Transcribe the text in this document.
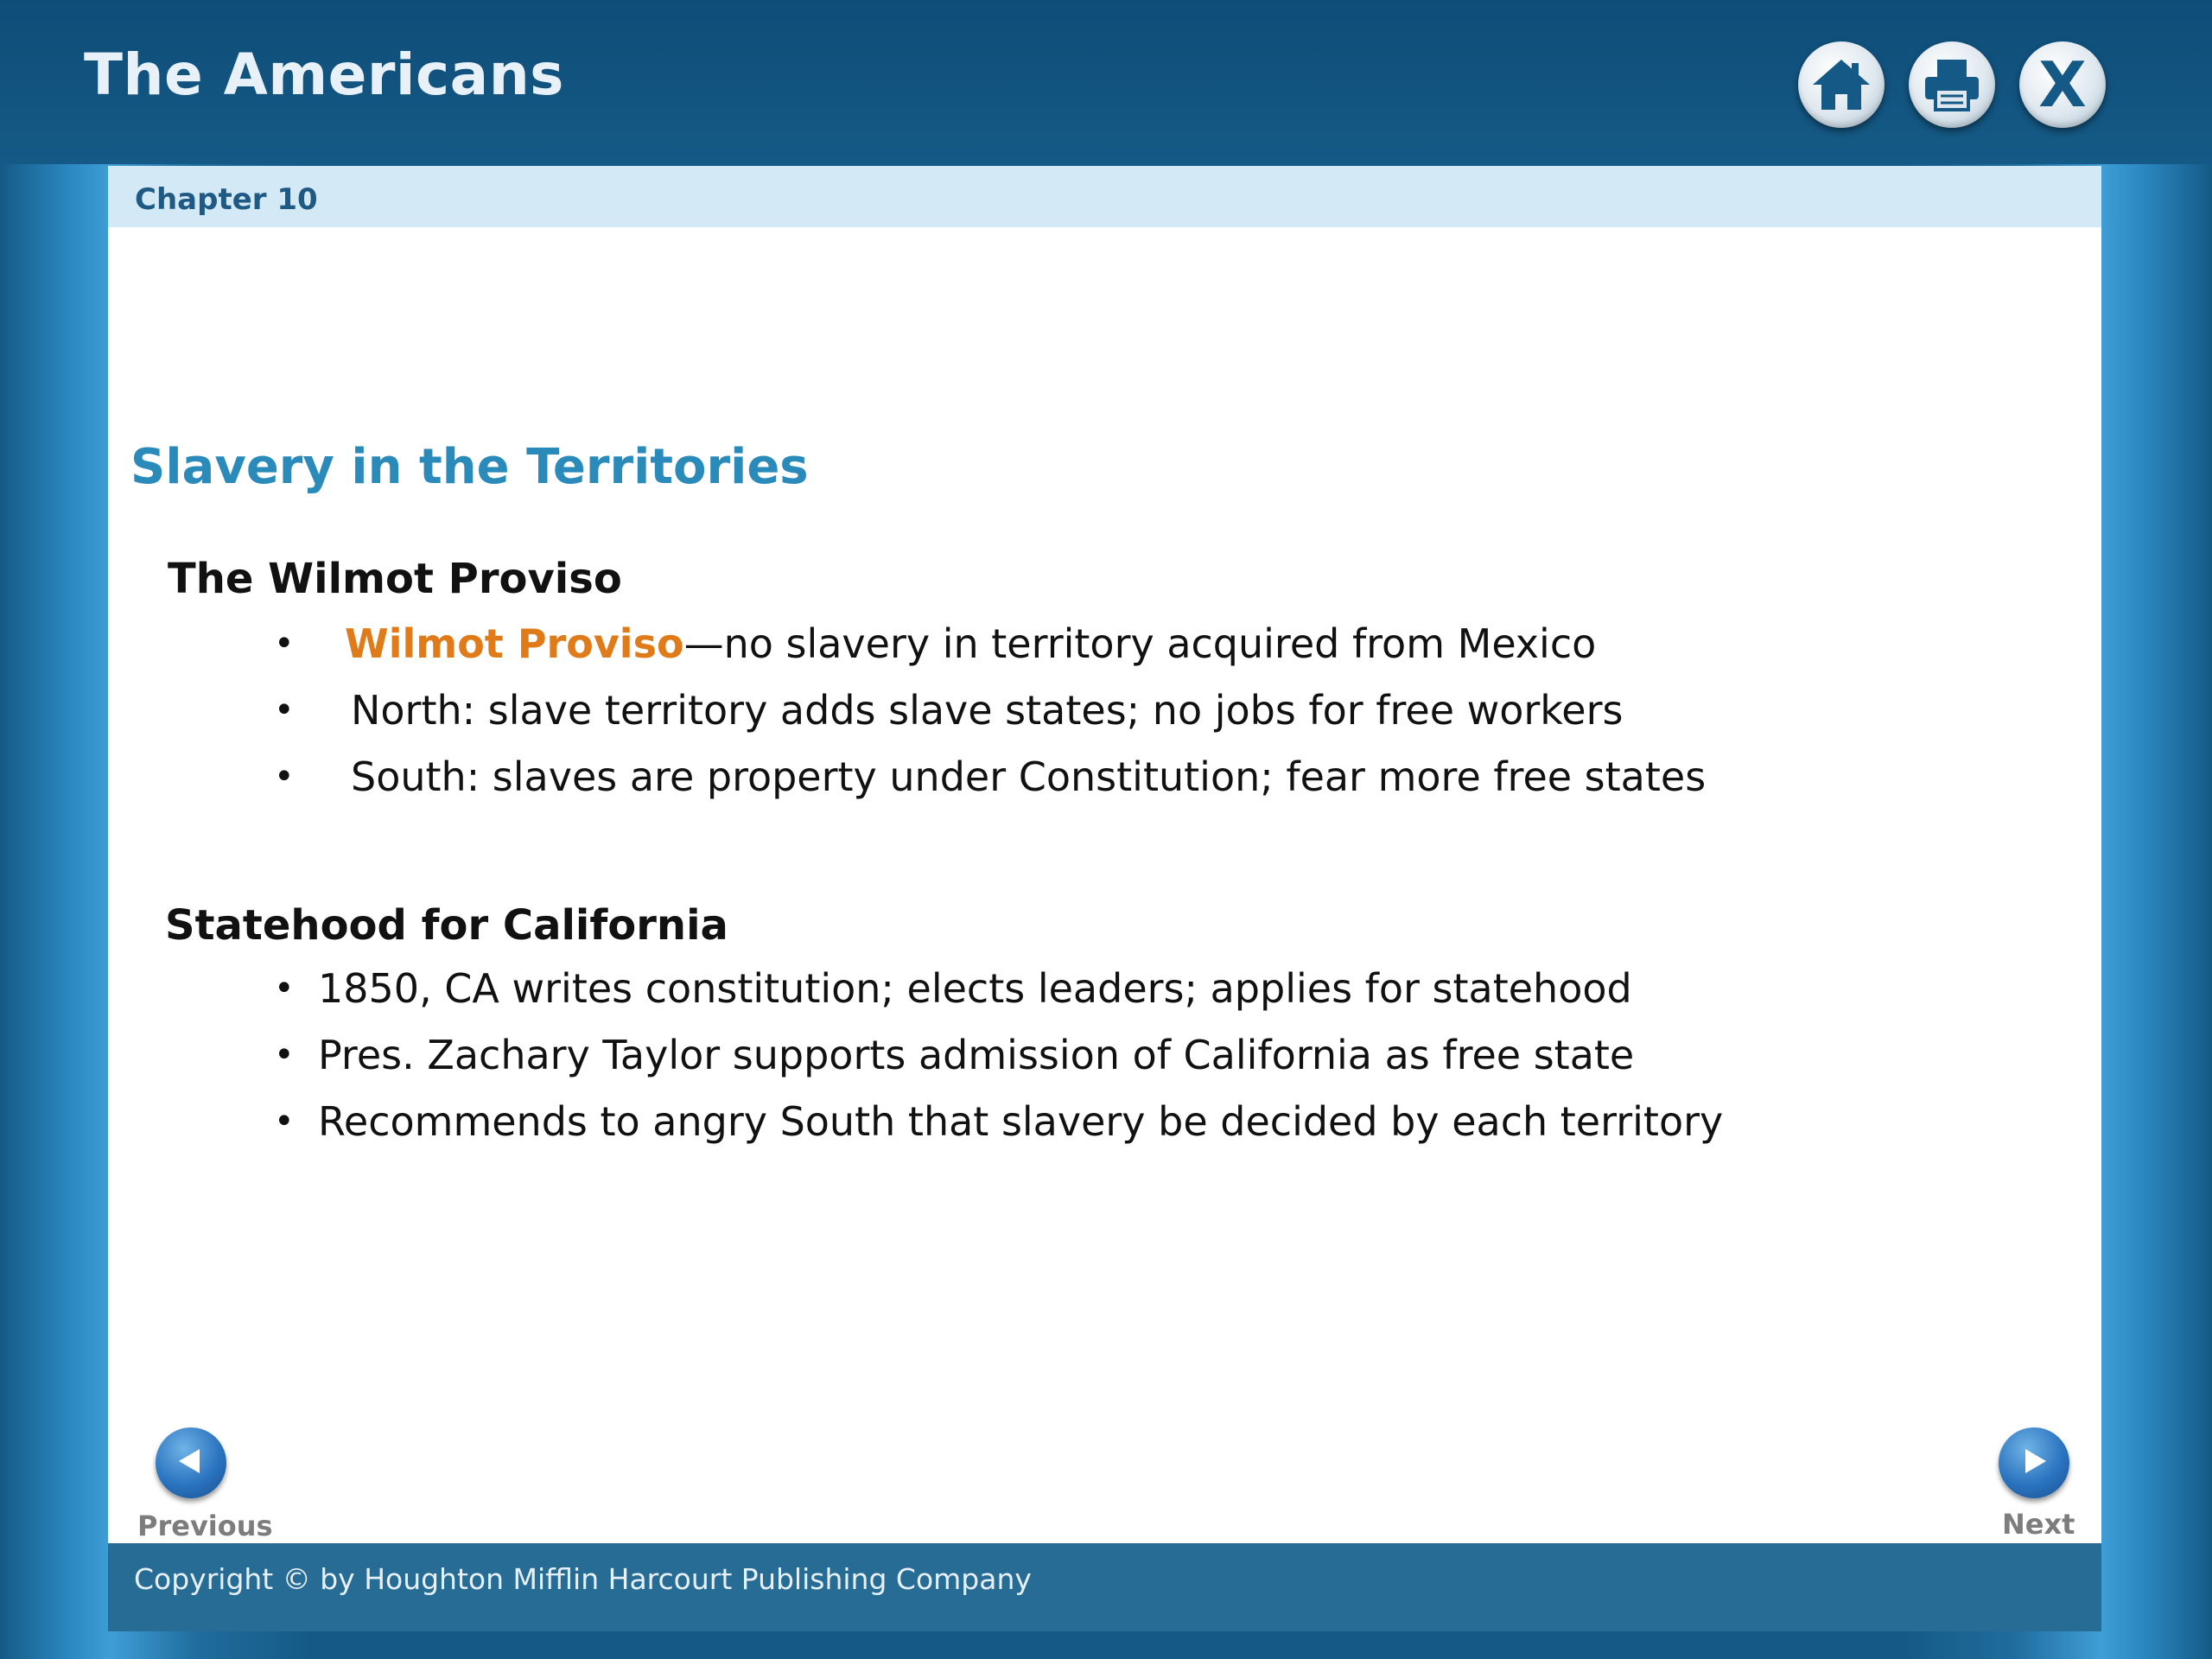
The Americans	X
Chapter 10
Slavery in the Territories
The Wilmot Proviso
• Wilmot Proviso—no slavery in territory acquired from Mexico
• North: slave territory adds slave states; no jobs for free workers
• South: slaves are property under Constitution; fear more free states
Statehood for California
• 1850, CA writes constitution; elects leaders; applies for statehood
• Pres. Zachary Taylor supports admission of California as free state
• Recommends to angry South that slavery be decided by each territory
Previous	Next
Copyright © by Houghton Mifflin Harcourt Publishing Company
